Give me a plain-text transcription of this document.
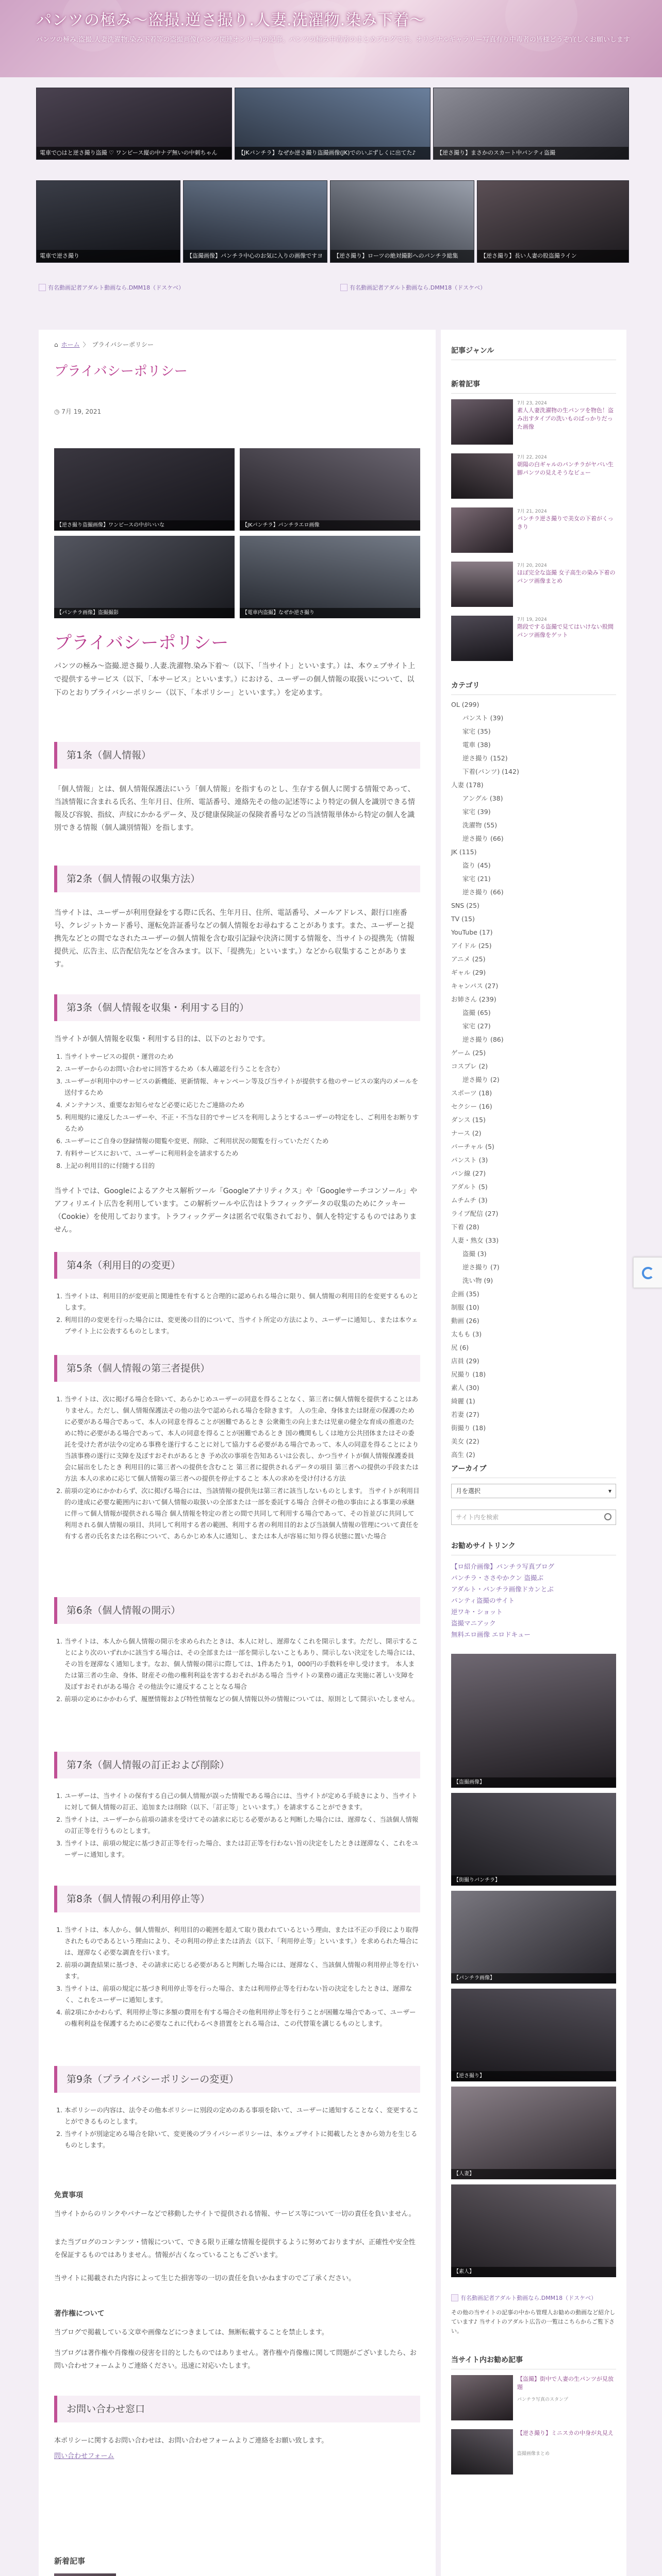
パンツの極み～盗撮.逆さ撮り.人妻.洗濯物.染み下着～
パンツの極み.盗撮.人妻洗濯物.染み下着等の盗撮画像(パンツ関連オンリー)の記事。パンツの極み中毒者のまとめブログです。オリジナルギャラリー写真有り中毒者の皆様どうぞ宜しくお願いします
電車で○はと逆さ撮り盗撮 ♡ ワンピース縦の中ナデ無いの中刺ちゃん	【JKパンチラ】なぜか逆さ撮り盗撮画像(JK)でのいぷずしくに出てた♪	【逆さ撮り】まさかのスカート中パンティ盗撮
電車で逆さ撮り	【盗撮画像】パンチラ中心のお気に入りの画像ですヨ	【逆さ撮り】ローツの絶対撮影へのパンチラ総集	【逆さ撮り】長い人妻の股盗撮ライン
有名動画記者アダルト動画なら.DMM18（ドスケベ）	有名動画記者アダルト動画なら.DMM18（ドスケベ）
⌂ ホーム 〉 プライバシーポリシー
プライバシーポリシー
◷ 7月 19, 2021
【逆さ撮り盗撮画像】ワンピースの中がいいな	【JKパンチラ】パンチラエロ画像
【パンチラ画像】盗撮撮影	【電車内盗撮】なぜか逆さ撮り
プライバシーポリシー
パンツの極み～盗撮.逆さ撮り.人妻.洗濯物.染み下着～（以下、「当サイト」といいます。）は、本ウェブサイト上で提供するサービス（以下、「本サービス」といいます。）における、ユーザーの個人情報の取扱いについて、以下のとおりプライバシーポリシー（以下、「本ポリシー」といいます。）を定めます。
第1条（個人情報）
「個人情報」とは、個人情報保護法にいう「個人情報」を指すものとし、生存する個人に関する情報であって、当該情報に含まれる氏名、生年月日、住所、電話番号、連絡先その他の記述等により特定の個人を識別できる情報及び容貌、指紋、声紋にかかるデータ、及び健康保険証の保険者番号などの当該情報単体から特定の個人を識別できる情報（個人識別情報）を指します。
第2条（個人情報の収集方法）
当サイトは、ユーザーが利用登録をする際に氏名、生年月日、住所、電話番号、メールアドレス、銀行口座番号、クレジットカード番号、運転免許証番号などの個人情報をお尋ねすることがあります。また、ユーザーと提携先などとの間でなされたユーザーの個人情報を含む取引記録や決済に関する情報を、当サイトの提携先（情報提供元、広告主、広告配信先などを含みます。以下、「提携先」といいます。）などから収集することがあります。
第3条（個人情報を収集・利用する目的）
当サイトが個人情報を収集・利用する目的は、以下のとおりです。
1. 当サイトサービスの提供・運営のため
2. ユーザーからのお問い合わせに回答するため（本人確認を行うことを含む）
3. ユーザーが利用中のサービスの新機能、更新情報、キャンペーン等及び当サイトが提供する他のサービスの案内のメールを送付するため
4. メンテナンス、重要なお知らせなど必要に応じたご連絡のため
5. 利用規約に違反したユーザーや、不正・不当な目的でサービスを利用しようとするユーザーの特定をし、ご利用をお断りするため
6. ユーザーにご自身の登録情報の閲覧や変更、削除、ご利用状況の閲覧を行っていただくため
7. 有料サービスにおいて、ユーザーに利用料金を請求するため
8. 上記の利用目的に付随する目的
当サイトでは、Googleによるアクセス解析ツール「Googleアナリティクス」や「Googleサーチコンソール」やアフィリエイト広告を利用しています。この解析ツールや広告はトラフィックデータの収集のためにクッキー（Cookie）を使用しております。トラフィックデータは匿名で収集されており、個人を特定するものではありません。
第4条（利用目的の変更）
1. 当サイトは、利用目的が変更前と関連性を有すると合理的に認められる場合に限り、個人情報の利用目的を変更するものとします。
2. 利用目的の変更を行った場合には、変更後の目的について、当サイト所定の方法により、ユーザーに通知し、または本ウェブサイト上に公表するものとします。
第5条（個人情報の第三者提供）
1. 当サイトは、次に掲げる場合を除いて、あらかじめユーザーの同意を得ることなく、第三者に個人情報を提供することはありません。ただし、個人情報保護法その他の法令で認められる場合を除きます。 人の生命、身体または財産の保護のために必要がある場合であって、本人の同意を得ることが困難であるとき 公衆衛生の向上または児童の健全な育成の推進のために特に必要がある場合であって、本人の同意を得ることが困難であるとき 国の機関もしくは地方公共団体またはその委託を受けた者が法令の定める事務を遂行することに対して協力する必要がある場合であって、本人の同意を得ることにより当該事務の遂行に支障を及ぼすおそれがあるとき 予め次の事項を告知あるいは公表し、かつ当サイトが個人情報保護委員会に届出をしたとき 利用目的に第三者への提供を含むこと 第三者に提供されるデータの項目 第三者への提供の手段または方法 本人の求めに応じて個人情報の第三者への提供を停止すること 本人の求めを受け付ける方法
2. 前項の定めにかかわらず、次に掲げる場合には、当該情報の提供先は第三者に該当しないものとします。 当サイトが利用目的の達成に必要な範囲内において個人情報の取扱いの全部または一部を委託する場合 合併その他の事由による事業の承継に伴って個人情報が提供される場合 個人情報を特定の者との間で共同して利用する場合であって、その旨並びに共同して利用される個人情報の項目、共同して利用する者の範囲、利用する者の利用目的および当該個人情報の管理について責任を有する者の氏名または名称について、あらかじめ本人に通知し、または本人が容易に知り得る状態に置いた場合
第6条（個人情報の開示）
1. 当サイトは、本人から個人情報の開示を求められたときは、本人に対し、遅滞なくこれを開示します。ただし、開示することにより次のいずれかに該当する場合は、その全部または一部を開示しないこともあり、開示しない決定をした場合には、その旨を遅滞なく通知します。なお、個人情報の開示に際しては、1件あたり1，000円の手数料を申し受けます。 本人または第三者の生命、身体、財産その他の権利利益を害するおそれがある場合 当サイトの業務の適正な実施に著しい支障を及ぼすおそれがある場合 その他法令に違反することとなる場合
2. 前項の定めにかかわらず、履歴情報および特性情報などの個人情報以外の情報については、原則として開示いたしません。
第7条（個人情報の訂正および削除）
1. ユーザーは、当サイトの保有する自己の個人情報が誤った情報である場合には、当サイトが定める手続きにより、当サイトに対して個人情報の訂正、追加または削除（以下、「訂正等」といいます。）を請求することができます。
2. 当サイトは、ユーザーから前項の請求を受けてその請求に応じる必要があると判断した場合には、遅滞なく、当該個人情報の訂正等を行うものとします。
3. 当サイトは、前項の規定に基づき訂正等を行った場合、または訂正等を行わない旨の決定をしたときは遅滞なく、これをユーザーに通知します。
第8条（個人情報の利用停止等）
1. 当サイトは、本人から、個人情報が、利用目的の範囲を超えて取り扱われているという理由、または不正の手段により取得されたものであるという理由により、その利用の停止または消去（以下、「利用停止等」といいます。）を求められた場合には、遅滞なく必要な調査を行います。
2. 前項の調査結果に基づき、その請求に応じる必要があると判断した場合には、遅滞なく、当該個人情報の利用停止等を行います。
3. 当サイトは、前項の規定に基づき利用停止等を行った場合、または利用停止等を行わない旨の決定をしたときは、遅滞なく、これをユーザーに通知します。
4. 前2項にかかわらず、利用停止等に多額の費用を有する場合その他利用停止等を行うことが困難な場合であって、ユーザーの権利利益を保護するために必要なこれに代わるべき措置をとれる場合は、この代替策を講じるものとします。
第9条（プライバシーポリシーの変更）
1. 本ポリシーの内容は、法令その他本ポリシーに別段の定めのある事項を除いて、ユーザーに通知することなく、変更することができるものとします。
2. 当サイトが別途定める場合を除いて、変更後のプライバシーポリシーは、本ウェブサイトに掲載したときから効力を生じるものとします。
免責事項
当サイトからのリンクやバナーなどで移動したサイトで提供される情報、サービス等について一切の責任を負いません。
また当ブログのコンテンツ・情報について、できる限り正確な情報を提供するように努めておりますが、正確性や安全性を保証するものではありません。情報が古くなっていることもございます。
当サイトに掲載された内容によって生じた損害等の一切の責任を負いかねますのでご了承ください。
著作権について
当ブログで掲載している文章や画像などにつきましては、無断転載することを禁止します。
当ブログは著作権や肖像権の侵害を目的としたものではありません。著作権や肖像権に関して問題がございましたら、お問い合わせフォームよりご連絡ください。迅速に対応いたします。
お問い合わせ窓口
本ポリシーに関するお問い合わせは、お問い合わせフォームよりご連絡をお願い致します。
問い合わせフォーム
新着記事
記事ジャンル
新着記事
7月 23, 2024
素人人妻洗濯物の生パンツを物色！盗み出すタイプの洗いものばっかりだった画像
7月 22, 2024
朝陽の白ギャルのパンチラがヤバい生脚パンツの見えそうなビュー
7月 21, 2024
パンチラ逆さ撮りで美女の下着がくっきり
7月 20, 2024
ほぼ完全な盗撮 女子高生の染み下着のパンツ画像まとめ
7月 19, 2024
階段でする盗撮で見てはいけない股間パンツ画像をゲット
カテゴリ
OL (299)
パンスト (39)
家宅 (35)
電車 (38)
逆さ撮り (152)
下着(パンツ) (142)
人妻 (178)
アングル (38)
家宅 (39)
洗濯物 (55)
逆さ撮り (66)
JK (115)
盗り (45)
家宅 (21)
逆さ撮り (66)
SNS (25)
TV (15)
YouTube (17)
アイドル (25)
アニメ (25)
ギャル (29)
キャンパス (27)
お姉さん (239)
盗撮 (65)
家宅 (27)
逆さ撮り (86)
ゲーム (25)
コスプレ (2)
逆さ撮り (2)
スポーツ (18)
セクシー (16)
ダンス (15)
ナース (2)
バーチャル (5)
パンスト (3)
パン線 (27)
アダルト (5)
ムチムチ (3)
ライブ配信 (27)
下着 (28)
人妻・熟女 (33)
盗撮 (3)
逆さ撮り (7)
洗い物 (9)
企画 (35)
制服 (10)
動画 (26)
太もも (3)
尻 (6)
店員 (29)
尻撮り (18)
素人 (30)
綺麗 (1)
若妻 (27)
街撮り (18)
美女 (22)
高生 (2)
アーカイブ
月を選択	▾
サイト内を検索
お勧めサイトリンク
【ロ紹介画像】パンチラ写真ブログ
パンチラ・ささやかクン 盗撮ぶ
アダルト・パンチラ画像ドカンとぶ
パンティ盗撮のサイト
逆ワキ・ショット
盗撮マニアック
無料エロ画像 エロドキュー
【盗撮画像】
【街撮りパンチラ】
【パンチラ画像】
【逆さ撮り】
【人妻】
【素人】
有名動画記者アダルト動画なら.DMM18（ドスケベ）
その他の当サイトの記事の中から管理人お勧めの動画など紹介しています♪ 当サイトのアダルト広告の一覧はこちらからご覧下さい。
当サイト内お勧め記事
【盗撮】街中で人妻の生パンツが見放題
パンチラ写真のスタンプ
【逆さ撮り】ミニスカの中身が丸見え
盗撮画像まとめ
